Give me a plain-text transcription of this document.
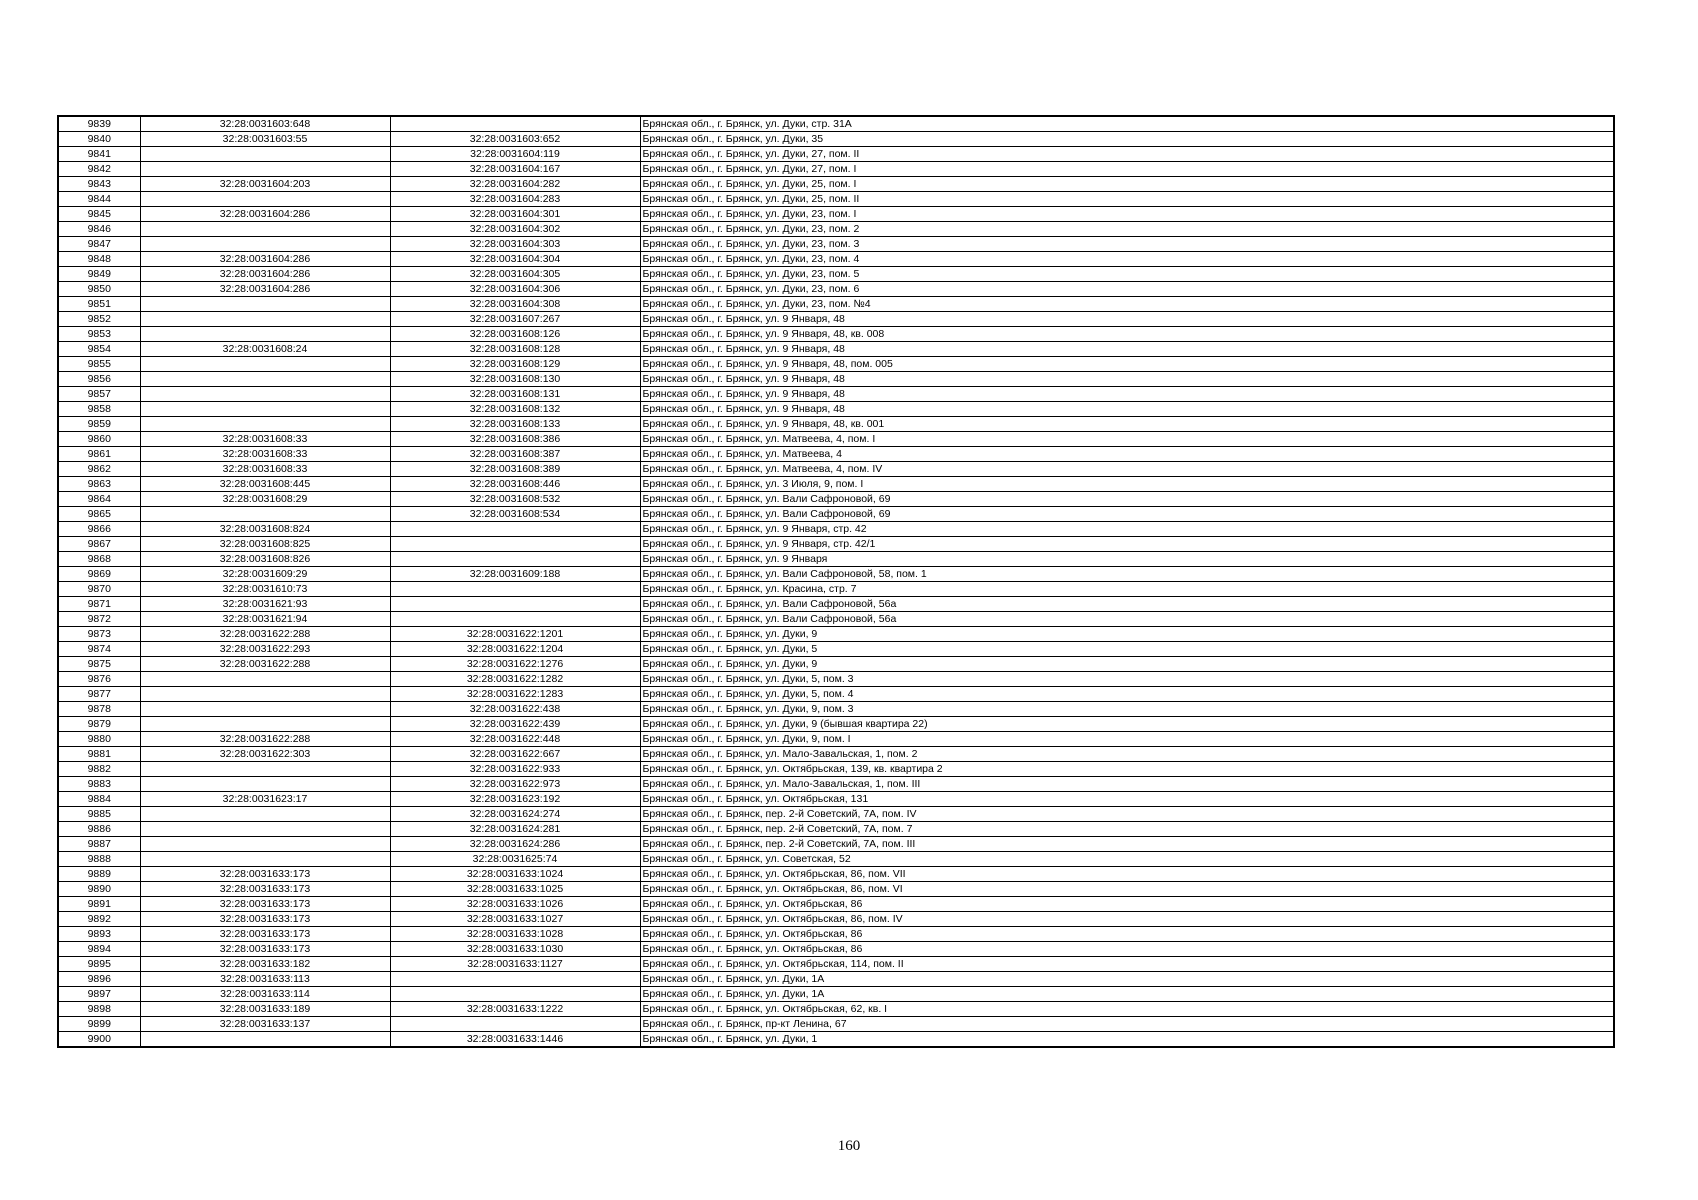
9839	32:28:0031603:648		Брянская обл., г. Брянск, ул. Дуки, стр. 31А
9840	32:28:0031603:55	32:28:0031603:652	Брянская обл., г. Брянск, ул. Дуки, 35
9841		32:28:0031604:119	Брянская обл., г. Брянск, ул. Дуки, 27, пом. II
9842		32:28:0031604:167	Брянская обл., г. Брянск, ул. Дуки, 27, пом. I
9843	32:28:0031604:203	32:28:0031604:282	Брянская обл., г. Брянск, ул. Дуки, 25, пом. I
9844		32:28:0031604:283	Брянская обл., г. Брянск, ул. Дуки, 25, пом. II
9845	32:28:0031604:286	32:28:0031604:301	Брянская обл., г. Брянск, ул. Дуки, 23, пом. I
9846		32:28:0031604:302	Брянская обл., г. Брянск, ул. Дуки, 23, пом. 2
9847		32:28:0031604:303	Брянская обл., г. Брянск, ул. Дуки, 23, пом. 3
9848	32:28:0031604:286	32:28:0031604:304	Брянская обл., г. Брянск, ул. Дуки, 23, пом. 4
9849	32:28:0031604:286	32:28:0031604:305	Брянская обл., г. Брянск, ул. Дуки, 23, пом. 5
9850	32:28:0031604:286	32:28:0031604:306	Брянская обл., г. Брянск, ул. Дуки, 23, пом. 6
9851		32:28:0031604:308	Брянская обл., г. Брянск, ул. Дуки, 23, пом. №4
9852		32:28:0031607:267	Брянская обл., г. Брянск, ул. 9 Января, 48
9853		32:28:0031608:126	Брянская обл., г. Брянск, ул. 9 Января, 48, кв. 008
9854	32:28:0031608:24	32:28:0031608:128	Брянская обл., г. Брянск, ул. 9 Января, 48
9855		32:28:0031608:129	Брянская обл., г. Брянск, ул. 9 Января, 48, пом. 005
9856		32:28:0031608:130	Брянская обл., г. Брянск, ул. 9 Января, 48
9857		32:28:0031608:131	Брянская обл., г. Брянск, ул. 9 Января, 48
9858		32:28:0031608:132	Брянская обл., г. Брянск, ул. 9 Января, 48
9859		32:28:0031608:133	Брянская обл., г. Брянск, ул. 9 Января, 48, кв. 001
9860	32:28:0031608:33	32:28:0031608:386	Брянская обл., г. Брянск, ул. Матвеева, 4, пом. I
9861	32:28:0031608:33	32:28:0031608:387	Брянская обл., г. Брянск, ул. Матвеева, 4
9862	32:28:0031608:33	32:28:0031608:389	Брянская обл., г. Брянск, ул. Матвеева, 4, пом. IV
9863	32:28:0031608:445	32:28:0031608:446	Брянская обл., г. Брянск, ул. 3 Июля, 9, пом. I
9864	32:28:0031608:29	32:28:0031608:532	Брянская обл., г. Брянск, ул. Вали Сафроновой, 69
9865		32:28:0031608:534	Брянская обл., г. Брянск, ул. Вали Сафроновой, 69
9866	32:28:0031608:824		Брянская обл., г. Брянск, ул. 9 Января, стр. 42
9867	32:28:0031608:825		Брянская обл., г. Брянск, ул. 9 Января, стр. 42/1
9868	32:28:0031608:826		Брянская обл., г. Брянск, ул. 9 Января
9869	32:28:0031609:29	32:28:0031609:188	Брянская обл., г. Брянск, ул. Вали Сафроновой, 58, пом. 1
9870	32:28:0031610:73		Брянская обл., г. Брянск, ул. Красина, стр. 7
9871	32:28:0031621:93		Брянская обл., г. Брянск, ул. Вали Сафроновой, 56а
9872	32:28:0031621:94		Брянская обл., г. Брянск, ул. Вали Сафроновой, 56а
9873	32:28:0031622:288	32:28:0031622:1201	Брянская обл., г. Брянск, ул. Дуки, 9
9874	32:28:0031622:293	32:28:0031622:1204	Брянская обл., г. Брянск, ул. Дуки, 5
9875	32:28:0031622:288	32:28:0031622:1276	Брянская обл., г. Брянск, ул. Дуки, 9
9876		32:28:0031622:1282	Брянская обл., г. Брянск, ул. Дуки, 5, пом. 3
9877		32:28:0031622:1283	Брянская обл., г. Брянск, ул. Дуки, 5, пом. 4
9878		32:28:0031622:438	Брянская обл., г. Брянск, ул. Дуки, 9, пом. 3
9879		32:28:0031622:439	Брянская обл., г. Брянск, ул. Дуки, 9 (бывшая квартира 22)
9880	32:28:0031622:288	32:28:0031622:448	Брянская обл., г. Брянск, ул. Дуки, 9, пом. I
9881	32:28:0031622:303	32:28:0031622:667	Брянская обл., г. Брянск, ул. Мало-Завальская, 1, пом. 2
9882		32:28:0031622:933	Брянская обл., г. Брянск, ул. Октябрьская, 139, кв. квартира 2
9883		32:28:0031622:973	Брянская обл., г. Брянск, ул. Мало-Завальская, 1, пом. III
9884	32:28:0031623:17	32:28:0031623:192	Брянская обл., г. Брянск, ул. Октябрьская, 131
9885		32:28:0031624:274	Брянская обл., г. Брянск, пер. 2-й Советский, 7А, пом. IV
9886		32:28:0031624:281	Брянская обл., г. Брянск, пер. 2-й Советский, 7А, пом. 7
9887		32:28:0031624:286	Брянская обл., г. Брянск, пер. 2-й Советский, 7А, пом. III
9888		32:28:0031625:74	Брянская обл., г. Брянск, ул. Советская, 52
9889	32:28:0031633:173	32:28:0031633:1024	Брянская обл., г. Брянск, ул. Октябрьская, 86, пом. VII
9890	32:28:0031633:173	32:28:0031633:1025	Брянская обл., г. Брянск, ул. Октябрьская, 86, пом. VI
9891	32:28:0031633:173	32:28:0031633:1026	Брянская обл., г. Брянск, ул. Октябрьская, 86
9892	32:28:0031633:173	32:28:0031633:1027	Брянская обл., г. Брянск, ул. Октябрьская, 86, пом. IV
9893	32:28:0031633:173	32:28:0031633:1028	Брянская обл., г. Брянск, ул. Октябрьская, 86
9894	32:28:0031633:173	32:28:0031633:1030	Брянская обл., г. Брянск, ул. Октябрьская, 86
9895	32:28:0031633:182	32:28:0031633:1127	Брянская обл., г. Брянск, ул. Октябрьская, 114, пом. II
9896	32:28:0031633:113		Брянская обл., г. Брянск, ул. Дуки, 1А
9897	32:28:0031633:114		Брянская обл., г. Брянск, ул. Дуки, 1А
9898	32:28:0031633:189	32:28:0031633:1222	Брянская обл., г. Брянск, ул. Октябрьская, 62, кв. I
9899	32:28:0031633:137		Брянская обл., г. Брянск, пр-кт Ленина, 67
9900		32:28:0031633:1446	Брянская обл., г. Брянск, ул. Дуки, 1
160
